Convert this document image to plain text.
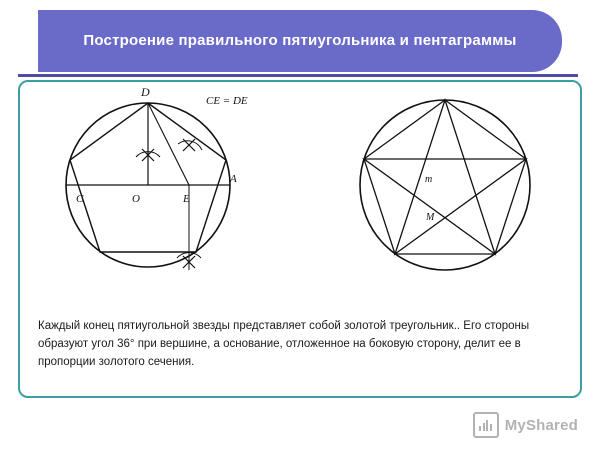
Построение правильного пятиугольника и пентаграммы
D
C	O	E
A
CE = DE
m
M
Каждый конец пятиугольной звезды представляет собой золотой треугольник.. Его стороны образуют угол 36° при вершине, а основание, отложенное на боковую сторону, делит ее в пропорции золотого сечения.
MyShared
